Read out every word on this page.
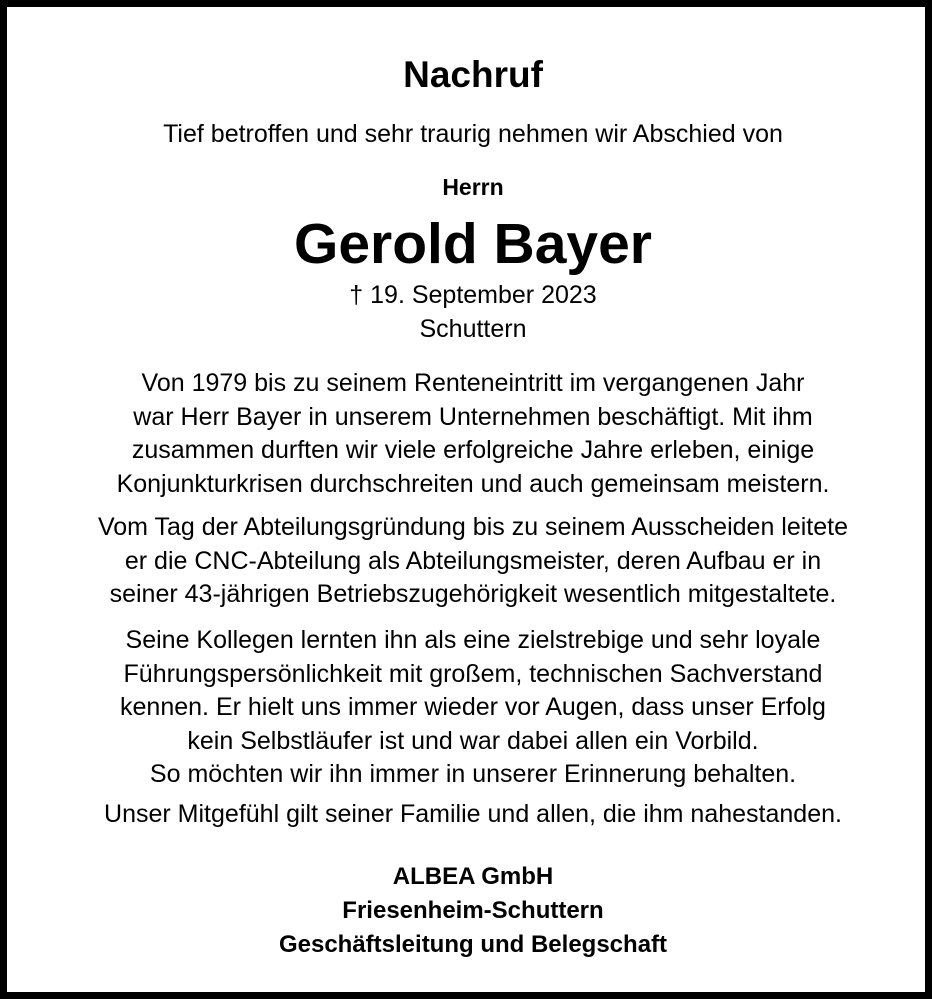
Nachruf
Tief betroffen und sehr traurig nehmen wir Abschied von
Herrn
Gerold Bayer
† 19. September 2023
Schuttern
Von 1979 bis zu seinem Renteneintritt im vergangenen Jahr
war Herr Bayer in unserem Unternehmen beschäftigt. Mit ihm
zusammen durften wir viele erfolgreiche Jahre erleben, einige
Konjunkturkrisen durchschreiten und auch gemeinsam meistern.
Vom Tag der Abteilungsgründung bis zu seinem Ausscheiden leitete
er die CNC-Abteilung als Abteilungsmeister, deren Aufbau er in
seiner 43-jährigen Betriebszugehörigkeit wesentlich mitgestaltete.
Seine Kollegen lernten ihn als eine zielstrebige und sehr loyale
Führungspersönlichkeit mit großem, technischen Sachverstand
kennen. Er hielt uns immer wieder vor Augen, dass unser Erfolg
kein Selbstläufer ist und war dabei allen ein Vorbild.
So möchten wir ihn immer in unserer Erinnerung behalten.
Unser Mitgefühl gilt seiner Familie und allen, die ihm nahestanden.
ALBEA GmbH
Friesenheim-Schuttern
Geschäftsleitung und Belegschaft
